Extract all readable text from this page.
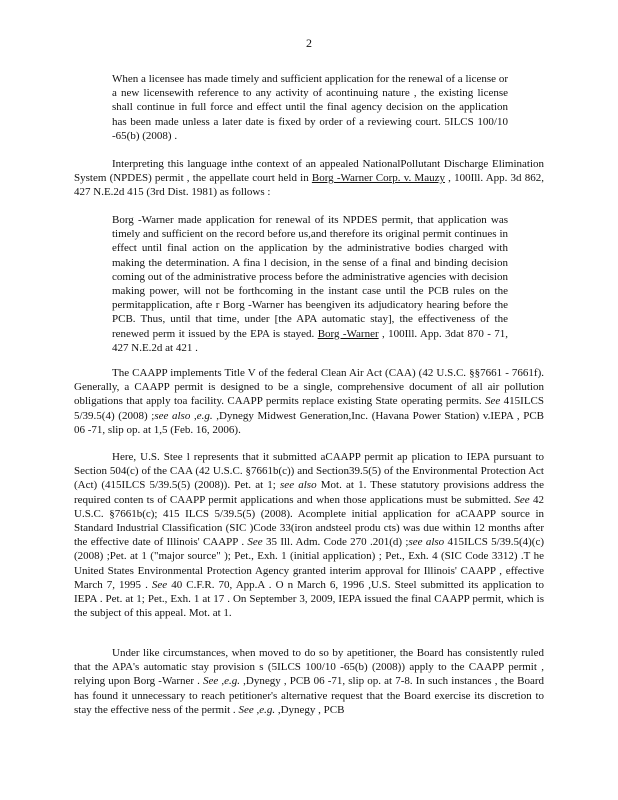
2
When a licensee has made timely and sufficient application for the renewal of a license or a new licensewith reference to any activity of acontinuing nature , the existing license shall continue in full force and effect until the final agency decision on the application has been made unless a later date is fixed by order of a reviewing court. 5ILCS 100/10 -65(b) (2008) .
Interpreting this language inthe context of an appealed NationalPollutant Discharge Elimination System (NPDES) permit , the appellate court held in Borg -Warner Corp. v. Mauzy , 100Ill. App. 3d 862, 427 N.E.2d 415 (3rd Dist. 1981) as follows :
Borg -Warner made application for renewal of its NPDES permit, that application was timely and sufficient on the record before us,and therefore its original permit continues in effect until final action on the application by the administrative bodies charged with making the determination. A fina l decision, in the sense of a final and binding decision coming out of the administrative process before the administrative agencies with decision making power, will not be forthcoming in the instant case until the PCB rules on the permitapplication, afte r Borg -Warner has beengiven its adjudicatory hearing before the PCB. Thus, until that time, under [the APA automatic stay], the effectiveness of the renewed perm it issued by the EPA is stayed. Borg -Warner , 100Ill. App. 3dat 870 - 71, 427 N.E.2d at 421 .
The CAAPP implements Title V of the federal Clean Air Act (CAA) (42 U.S.C. §§7661 - 7661f). Generally, a CAAPP permit is designed to be a single, comprehensive document of all air pollution obligations that apply toa facility. CAAPP permits replace existing State operating permits. See 415ILCS 5/39.5(4) (2008) ;see also ,e.g. ,Dynegy Midwest Generation,Inc. (Havana Power Station) v.IEPA , PCB 06 -71, slip op. at 1,5 (Feb. 16, 2006).
Here, U.S. Stee l represents that it submitted aCAAPP permit ap plication to IEPA pursuant to Section 504(c) of the CAA (42 U.S.C. §7661b(c)) and Section39.5(5) of the Environmental Protection Act (Act) (415ILCS 5/39.5(5) (2008)). Pet. at 1; see also Mot. at 1. These statutory provisions address the required conten ts of CAAPP permit applications and when those applications must be submitted. See 42 U.S.C. §7661b(c); 415 ILCS 5/39.5(5) (2008). Acomplete initial application for aCAAPP source in Standard Industrial Classification (SIC )Code 33(iron andsteel produ cts) was due within 12 months after the effective date of Illinois' CAAPP . See 35 Ill. Adm. Code 270 .201(d) ;see also 415ILCS 5/39.5(4)(c) (2008) ;Pet. at 1 ("major source" ); Pet., Exh. 1 (initial application) ; Pet., Exh. 4 (SIC Code 3312) .T he United States Environmental Protection Agency granted interim approval for Illinois' CAAPP , effective March 7, 1995 . See 40 C.F.R. 70, App.A . O n March 6, 1996 ,U.S. Steel submitted its application to IEPA . Pet. at 1; Pet., Exh. 1 at 17 . On September 3, 2009, IEPA issued the final CAAPP permit, which is the subject of this appeal. Mot. at 1.
Under like circumstances, when moved to do so by apetitioner, the Board has consistently ruled that the APA's automatic stay provision s (5ILCS 100/10 -65(b) (2008)) apply to the CAAPP permit , relying upon Borg -Warner . See ,e.g. ,Dynegy , PCB 06 -71, slip op. at 7-8. In such instances , the Board has found it unnecessary to reach petitioner's alternative request that the Board exercise its discretion to stay the effective ness of the permit . See ,e.g. ,Dynegy , PCB
